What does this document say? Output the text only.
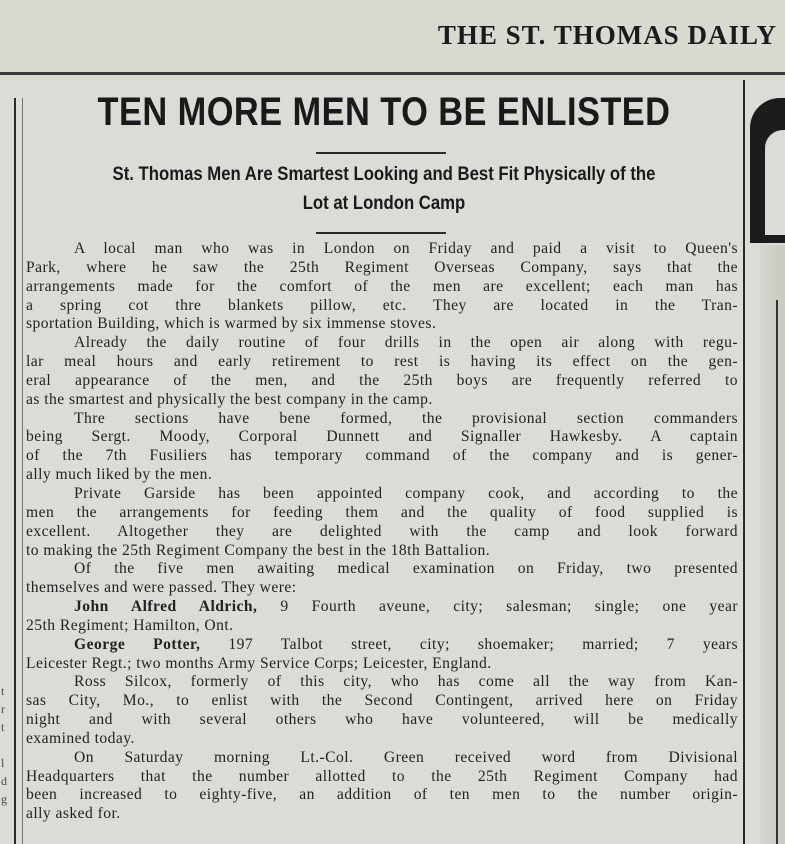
THE ST. THOMAS DAILY
t
r
t
l
d
g
TEN MORE MEN TO BE ENLISTED
St. Thomas Men Are Smartest Looking and Best Fit Physically of the
Lot at London Camp
A local man who was in London on Friday and paid a visit to Queen's
Park, where he saw the 25th Regiment Overseas Company, says that the
arrangements made for the comfort of the men are excellent; each man has
a spring cot thre blankets pillow, etc. They are located in the Tran-
sportation Building, which is warmed by six immense stoves.
Already the daily routine of four drills in the open air along with regu-
lar meal hours and early retirement to rest is having its effect on the gen-
eral appearance of the men, and the 25th boys are frequently referred to
as the smartest and physically the best company in the camp.
Thre sections have bene formed, the provisional section commanders
being Sergt. Moody, Corporal Dunnett and Signaller Hawkesby. A captain
of the 7th Fusiliers has temporary command of the company and is gener-
ally much liked by the men.
Private Garside has been appointed company cook, and according to the
men the arrangements for feeding them and the quality of food supplied is
excellent. Altogether they are delighted with the camp and look forward
to making the 25th Regiment Company the best in the 18th Battalion.
Of the five men awaiting medical examination on Friday, two presented
themselves and were passed. They were:
John Alfred Aldrich, 9 Fourth aveune, city; salesman; single; one year
25th Regiment; Hamilton, Ont.
George Potter, 197 Talbot street, city; shoemaker; married; 7 years
Leicester Regt.; two months Army Service Corps; Leicester, England.
Ross Silcox, formerly of this city, who has come all the way from Kan-
sas City, Mo., to enlist with the Second Contingent, arrived here on Friday
night and with several others who have volunteered, will be medically
examined today.
On Saturday morning Lt.-Col. Green received word from Divisional
Headquarters that the number allotted to the 25th Regiment Company had
been increased to eighty-five, an addition of ten men to the number origin-
ally asked for.
